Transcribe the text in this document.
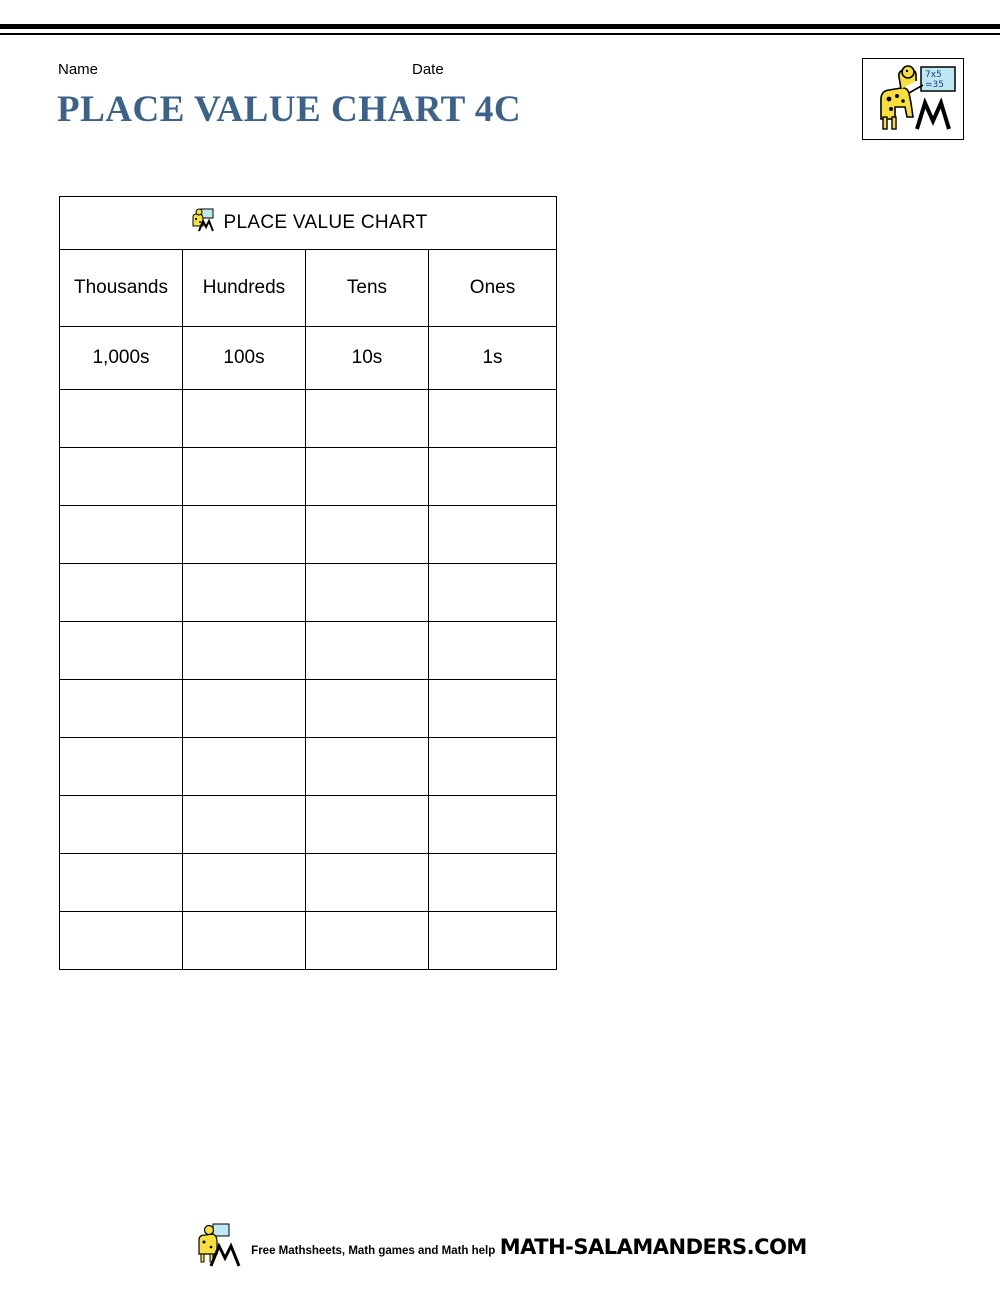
Name	Date
PLACE VALUE CHART 4C
7x5
=35
PLACE VALUE CHART			

Thousands	Hundreds	Tens	Ones
1,000s	100s	10s	1s

Free Mathsheets, Math games and Math help MATH-SALAMANDERS.COM
